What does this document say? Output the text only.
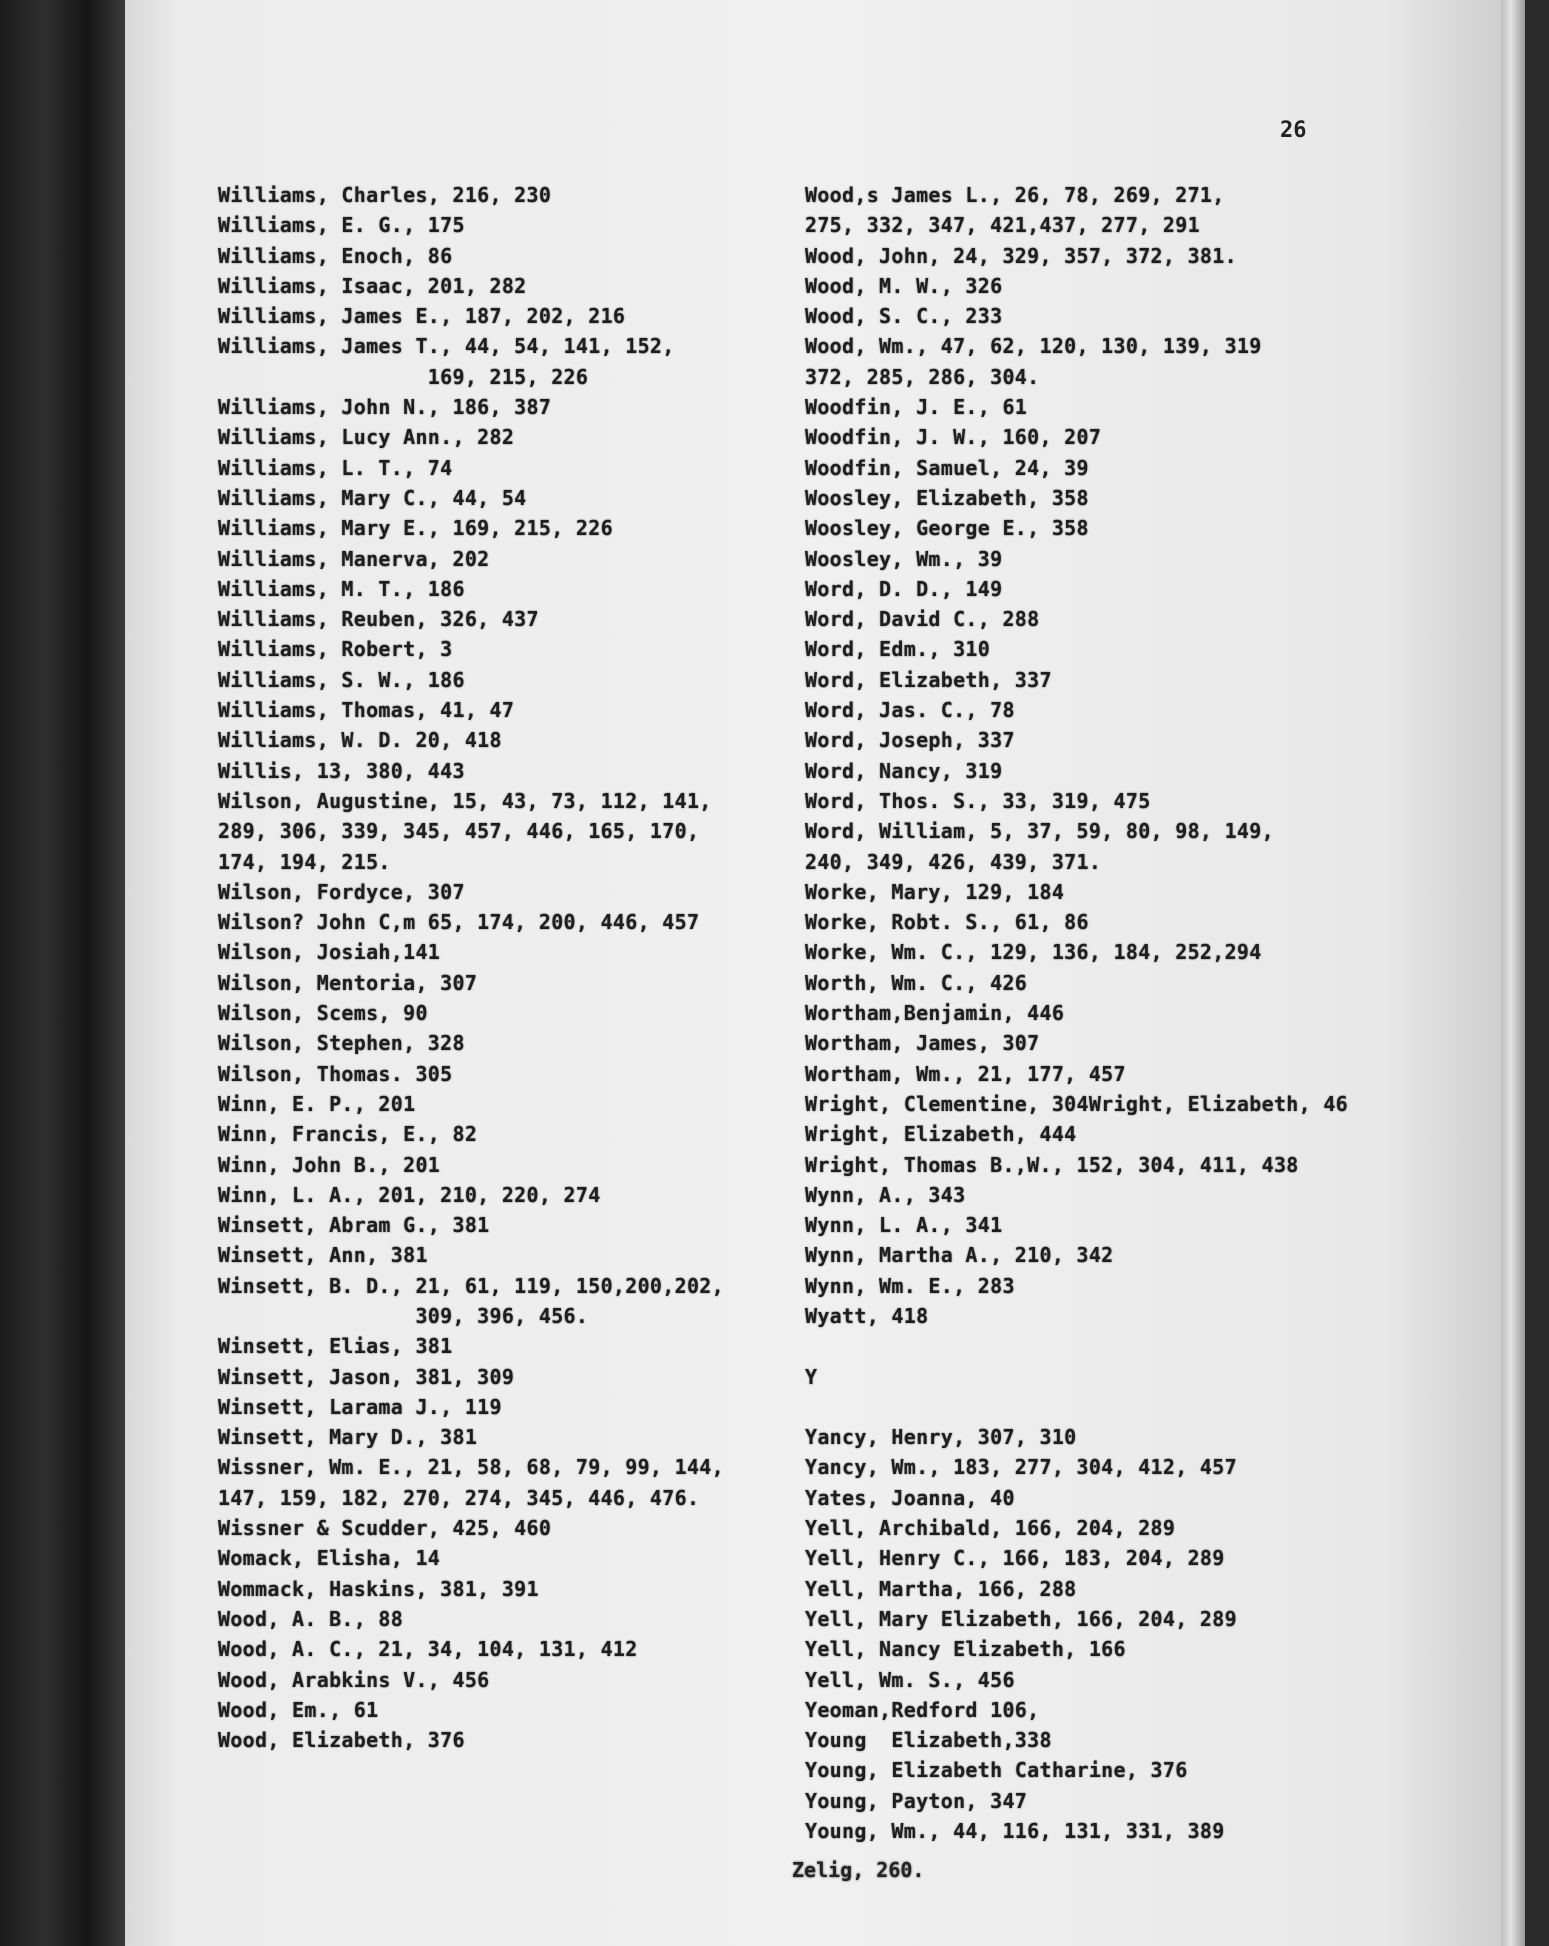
26
Williams, Charles, 216, 230
Williams, E. G., 175
Williams, Enoch, 86
Williams, Isaac, 201, 282
Williams, James E., 187, 202, 216
Williams, James T., 44, 54, 141, 152,
169, 215, 226
Williams, John N., 186, 387
Williams, Lucy Ann., 282
Williams, L. T., 74
Williams, Mary C., 44, 54
Williams, Mary E., 169, 215, 226
Williams, Manerva, 202
Williams, M. T., 186
Williams, Reuben, 326, 437
Williams, Robert, 3
Williams, S. W., 186
Williams, Thomas, 41, 47
Williams, W. D. 20, 418
Willis, 13, 380, 443
Wilson, Augustine, 15, 43, 73, 112, 141,
289, 306, 339, 345, 457, 446, 165, 170,
174, 194, 215.
Wilson, Fordyce, 307
Wilson? John C,m 65, 174, 200, 446, 457
Wilson, Josiah,141
Wilson, Mentoria, 307
Wilson, Scems, 90
Wilson, Stephen, 328
Wilson, Thomas. 305
Winn, E. P., 201
Winn, Francis, E., 82
Winn, John B., 201
Winn, L. A., 201, 210, 220, 274
Winsett, Abram G., 381
Winsett, Ann, 381
Winsett, B. D., 21, 61, 119, 150,200,202,
309, 396, 456.
Winsett, Elias, 381
Winsett, Jason, 381, 309
Winsett, Larama J., 119
Winsett, Mary D., 381
Wissner, Wm. E., 21, 58, 68, 79, 99, 144,
147, 159, 182, 270, 274, 345, 446, 476.
Wissner & Scudder, 425, 460
Womack, Elisha, 14
Wommack, Haskins, 381, 391
Wood, A. B., 88
Wood, A. C., 21, 34, 104, 131, 412
Wood, Arabkins V., 456
Wood, Em., 61
Wood, Elizabeth, 376
Wood,s James L., 26, 78, 269, 271,
275, 332, 347, 421,437, 277, 291
Wood, John, 24, 329, 357, 372, 381.
Wood, M. W., 326
Wood, S. C., 233
Wood, Wm., 47, 62, 120, 130, 139, 319
372, 285, 286, 304.
Woodfin, J. E., 61
Woodfin, J. W., 160, 207
Woodfin, Samuel, 24, 39
Woosley, Elizabeth, 358
Woosley, George E., 358
Woosley, Wm., 39
Word, D. D., 149
Word, David C., 288
Word, Edm., 310
Word, Elizabeth, 337
Word, Jas. C., 78
Word, Joseph, 337
Word, Nancy, 319
Word, Thos. S., 33, 319, 475
Word, William, 5, 37, 59, 80, 98, 149,
240, 349, 426, 439, 371.
Worke, Mary, 129, 184
Worke, Robt. S., 61, 86
Worke, Wm. C., 129, 136, 184, 252,294
Worth, Wm. C., 426
Wortham,Benjamin, 446
Wortham, James, 307
Wortham, Wm., 21, 177, 457
Wright, Clementine, 304Wright, Elizabeth, 46
Wright, Elizabeth, 444
Wright, Thomas B.,W., 152, 304, 411, 438
Wynn, A., 343
Wynn, L. A., 341
Wynn, Martha A., 210, 342
Wynn, Wm. E., 283
Wyatt, 418
Y
Yancy, Henry, 307, 310
Yancy, Wm., 183, 277, 304, 412, 457
Yates, Joanna, 40
Yell, Archibald, 166, 204, 289
Yell, Henry C., 166, 183, 204, 289
Yell, Martha, 166, 288
Yell, Mary Elizabeth, 166, 204, 289
Yell, Nancy Elizabeth, 166
Yell, Wm. S., 456
Yeoman,Redford 106,
Young  Elizabeth,338
Young, Elizabeth Catharine, 376
Young, Payton, 347
Young, Wm., 44, 116, 131, 331, 389
Zelig, 260.
